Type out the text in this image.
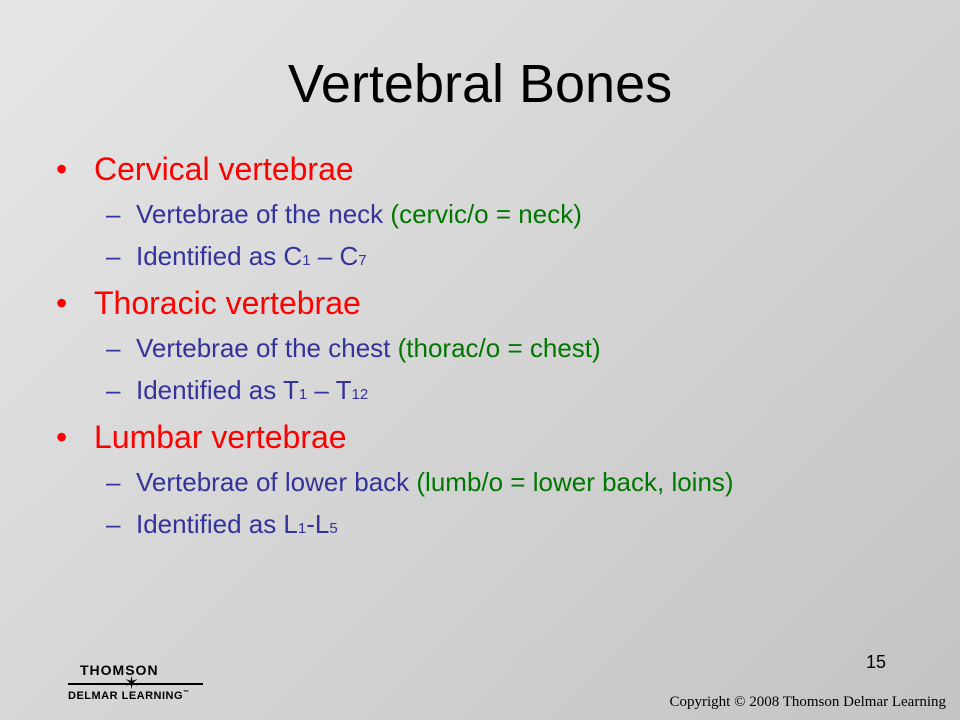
Vertebral Bones
• Cervical vertebrae
– Vertebrae of the neck (cervic/o = neck)
– Identified as C1 – C7
• Thoracic vertebrae
– Vertebrae of the chest (thorac/o = chest)
– Identified as T1 – T12
• Lumbar vertebrae
– Vertebrae of lower back (lumb/o = lower back, loins)
– Identified as L1-L5
15
THOMSON
✶
DELMAR LEARNING™
Copyright © 2008 Thomson Delmar Learning
